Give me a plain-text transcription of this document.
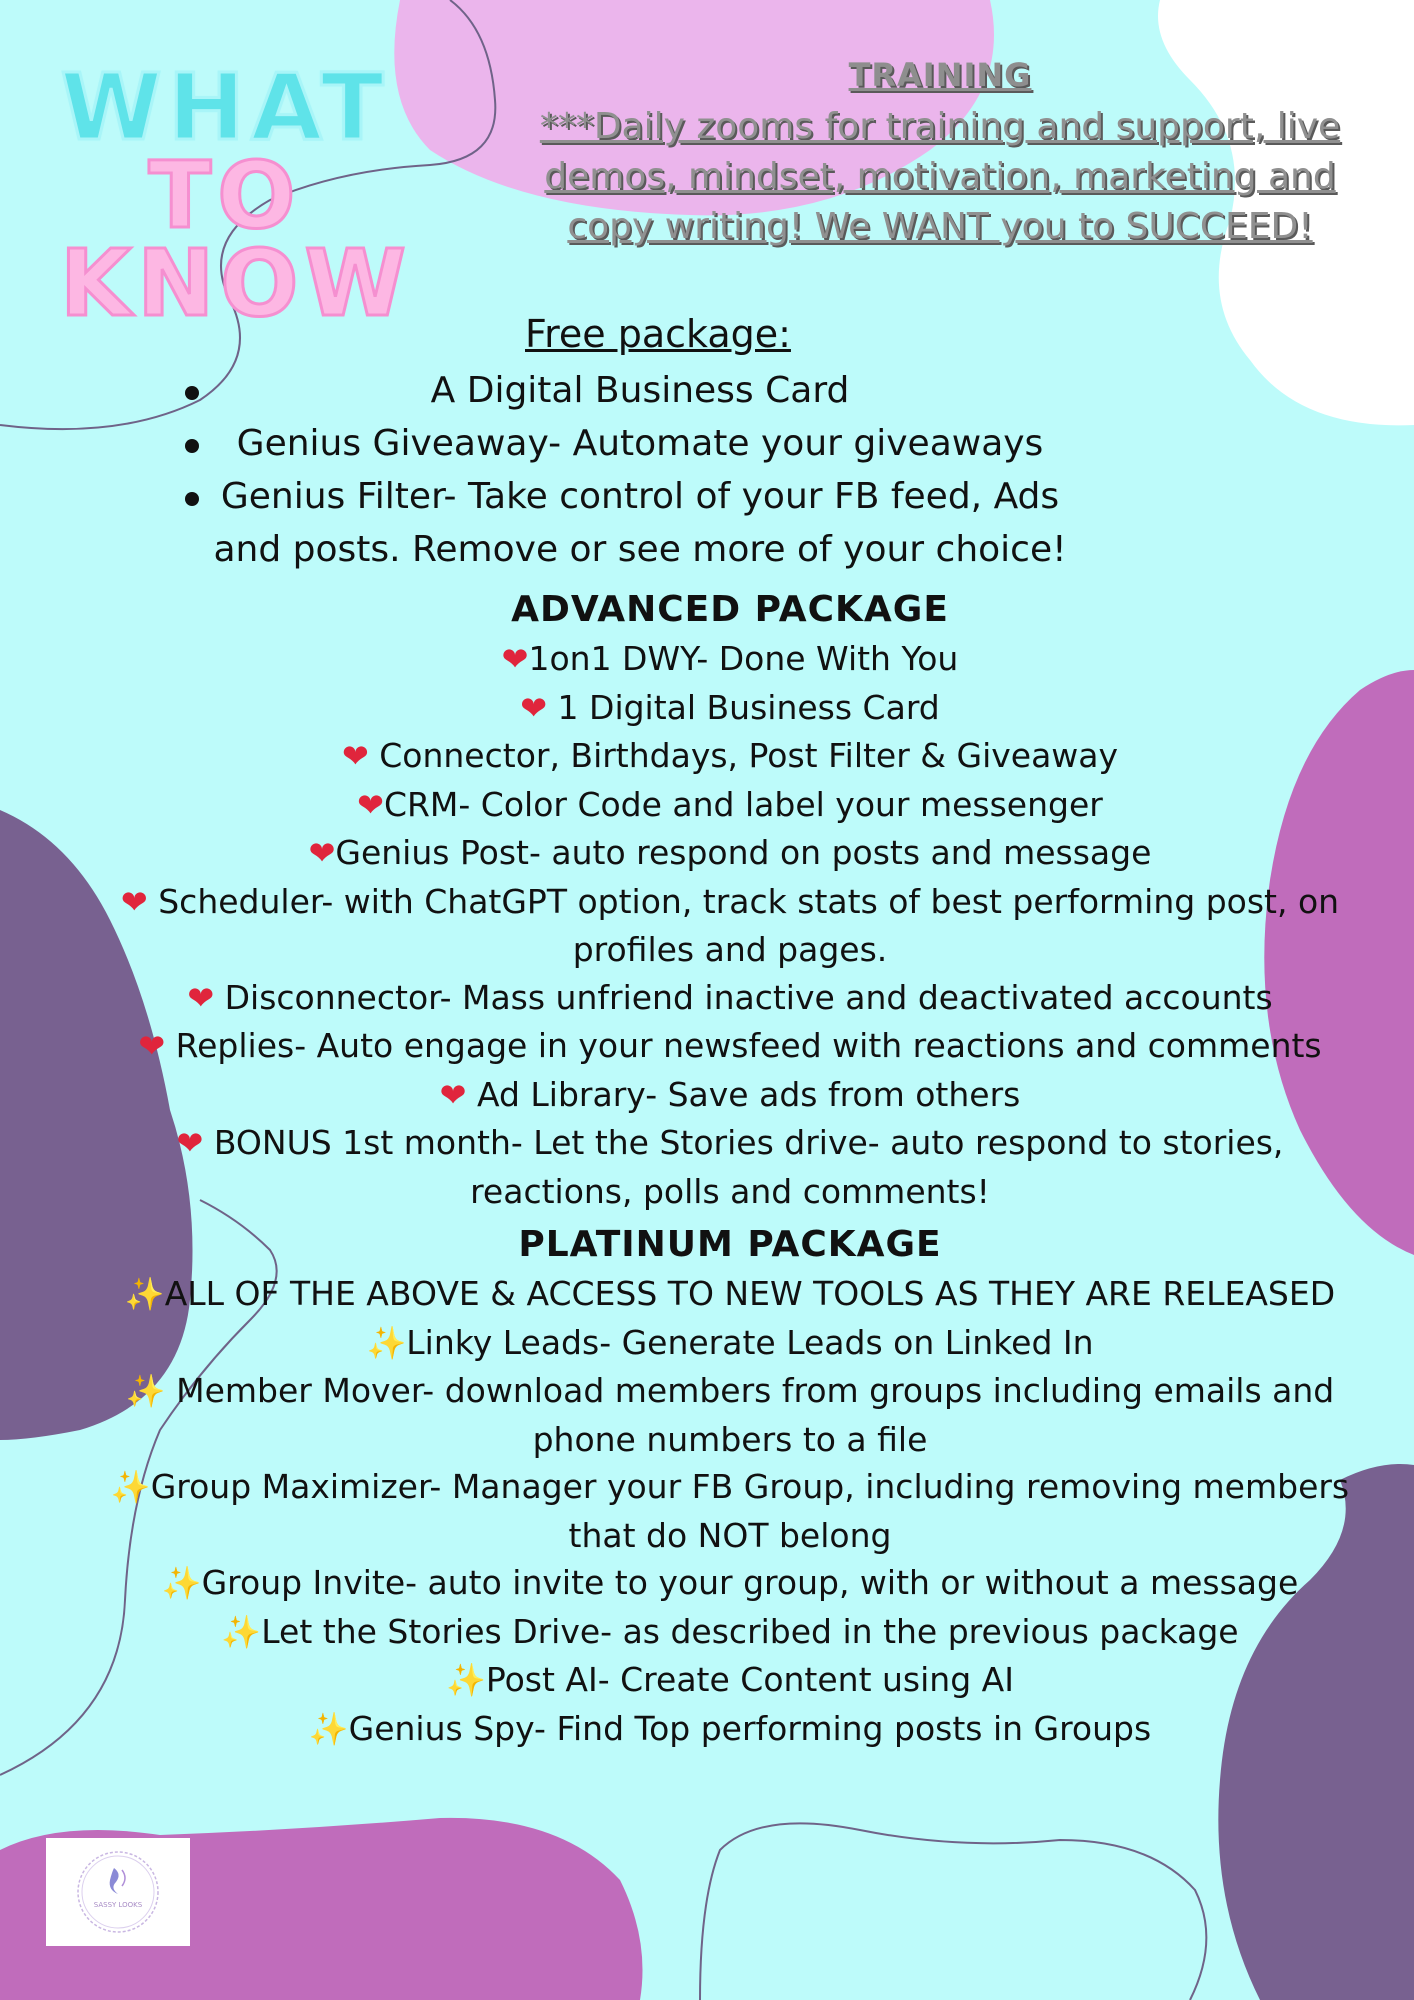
WHAT
TO
KNOW
TRAINING

***Daily zooms for training and support, live demos, mindset, motivation, marketing and copy writing! We WANT you to SUCCEED!

Free package:
A Digital Business Card
Genius Giveaway- Automate your giveaways
Genius Filter- Take control of your FB feed, Ads and posts. Remove or see more of your choice!
ADVANCED PACKAGE
❤1on1 DWY- Done With You
❤ 1 Digital Business Card
❤ Connector, Birthdays, Post Filter & Giveaway
❤CRM- Color Code and label your messenger
❤Genius Post- auto respond on posts and message
❤ Scheduler- with ChatGPT option, track stats of best performing post, on profiles and pages.
❤ Disconnector- Mass unfriend inactive and deactivated accounts
❤ Replies- Auto engage in your newsfeed with reactions and comments
❤ Ad Library- Save ads from others
❤ BONUS 1st month- Let the Stories drive- auto respond to stories, reactions, polls and comments!
PLATINUM PACKAGE
✨ALL OF THE ABOVE & ACCESS TO NEW TOOLS AS THEY ARE RELEASED
✨Linky Leads- Generate Leads on Linked In
✨ Member Mover- download members from groups including emails and phone numbers to a file
✨Group Maximizer- Manager your FB Group, including removing members that do NOT belong
✨Group Invite- auto invite to your group, with or without a message
✨Let the Stories Drive- as described in the previous package
✨Post AI- Create Content using AI
✨Genius Spy- Find Top performing posts in Groups
SASSY LOOKS
